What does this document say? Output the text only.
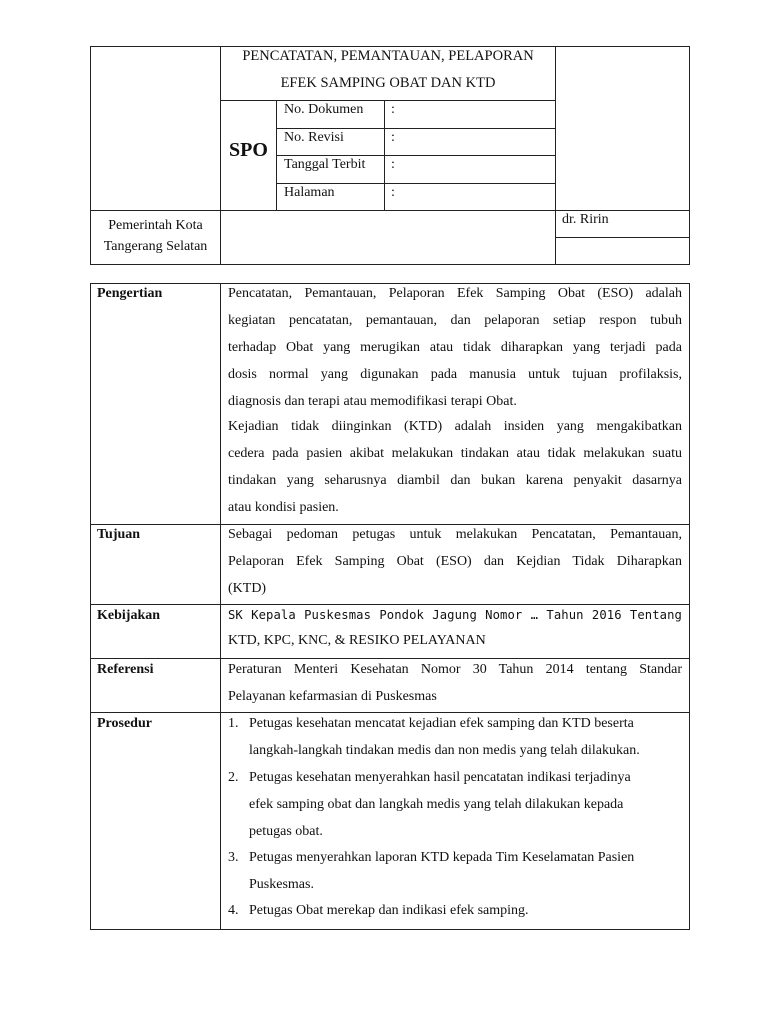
PENCATATAN, PEMANTAUAN, PELAPORAN
EFEK SAMPING OBAT DAN KTD
SPO
No. Dokumen :
No. Revisi	:
Tanggal Terbit :
Halaman	:
Pemerintah Kota
Tangerang Selatan
dr. Ririn
Pengertian	Pencatatan, Pemantauan, Pelaporan Efek Samping Obat (ESO) adalah
kegiatan pencatatan, pemantauan, dan pelaporan setiap respon tubuh
terhadap Obat yang merugikan atau tidak diharapkan yang terjadi pada
dosis normal yang digunakan pada manusia untuk tujuan profilaksis,
diagnosis dan terapi atau memodifikasi terapi Obat.
Kejadian tidak diinginkan (KTD) adalah insiden yang mengakibatkan
cedera pada pasien akibat melakukan tindakan atau tidak melakukan suatu
tindakan yang seharusnya diambil dan bukan karena penyakit dasarnya
atau kondisi pasien.
Tujuan	Sebagai pedoman petugas untuk melakukan Pencatatan, Pemantauan,
Pelaporan Efek Samping Obat (ESO) dan Kejdian Tidak Diharapkan
(KTD)
Kebijakan	SK Kepala Puskesmas Pondok Jagung Nomor … Tahun 2016 Tentang
KTD, KPC, KNC, & RESIKO PELAYANAN
Referensi	Peraturan Menteri Kesehatan Nomor 30 Tahun 2014 tentang Standar
Pelayanan kefarmasian di Puskesmas
Prosedur	1. Petugas kesehatan mencatat kejadian efek samping dan KTD beserta
langkah-langkah tindakan medis dan non medis yang telah dilakukan.
2. Petugas kesehatan menyerahkan hasil pencatatan indikasi terjadinya
efek samping obat dan langkah medis yang telah dilakukan kepada
petugas obat.
3. Petugas menyerahkan laporan KTD kepada Tim Keselamatan Pasien
Puskesmas.
4. Petugas Obat merekap dan indikasi efek samping.
